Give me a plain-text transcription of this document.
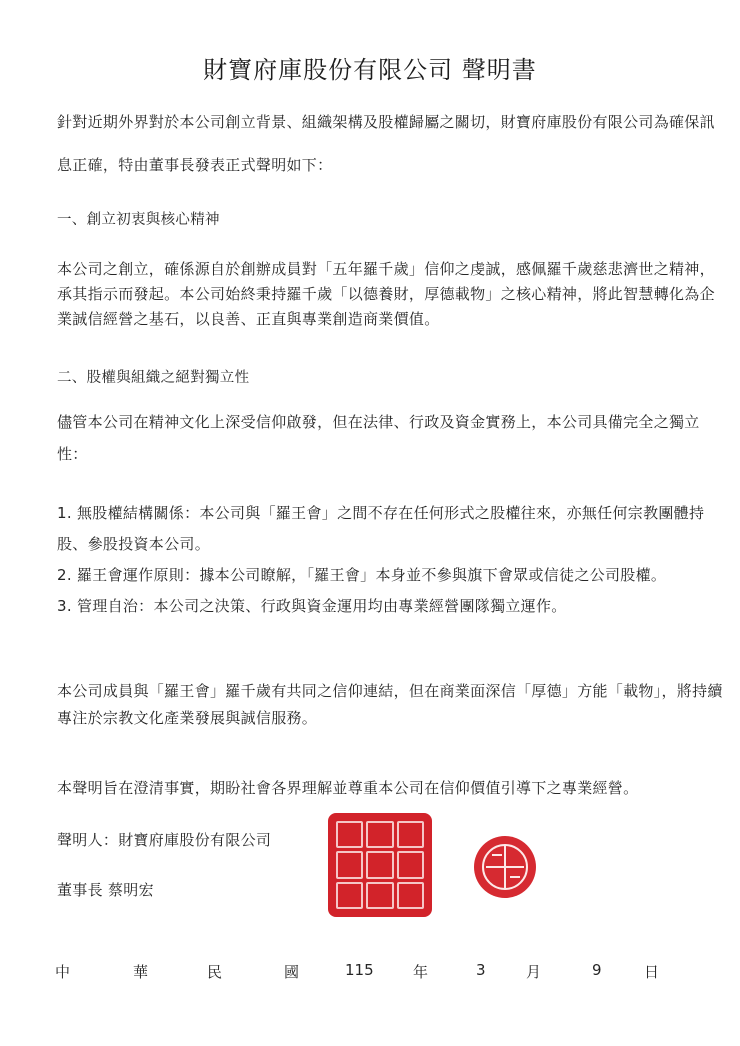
財寶府庫股份有限公司 聲明書
針對近期外界對於本公司創立背景、組織架構及股權歸屬之關切，財寶府庫股份有限公司為確保訊
息正確，特由董事長發表正式聲明如下：
一、創立初衷與核心精神
本公司之創立，確係源自於創辦成員對「五年羅千歲」信仰之虔誠，感佩羅千歲慈悲濟世之精神，
承其指示而發起。本公司始終秉持羅千歲「以德養財，厚德載物」之核心精神，將此智慧轉化為企
業誠信經營之基石，以良善、正直與專業創造商業價值。
二、股權與組織之絕對獨立性
儘管本公司在精神文化上深受信仰啟發，但在法律、行政及資金實務上，本公司具備完全之獨立
性：
1. 無股權結構關係：本公司與「羅王會」之間不存在任何形式之股權往來，亦無任何宗教團體持
股、參股投資本公司。
2. 羅王會運作原則：據本公司瞭解，「羅王會」本身並不參與旗下會眾或信徒之公司股權。
3. 管理自治：本公司之決策、行政與資金運用均由專業經營團隊獨立運作。
本公司成員與「羅王會」羅千歲有共同之信仰連結，但在商業面深信「厚德」方能「載物」，將持續
專注於宗教文化產業發展與誠信服務。
本聲明旨在澄清事實，期盼社會各界理解並尊重本公司在信仰價值引導下之專業經營。
聲明人：財寶府庫股份有限公司
董事長 蔡明宏
中	華	民	國	115	年	3	月	9	日
